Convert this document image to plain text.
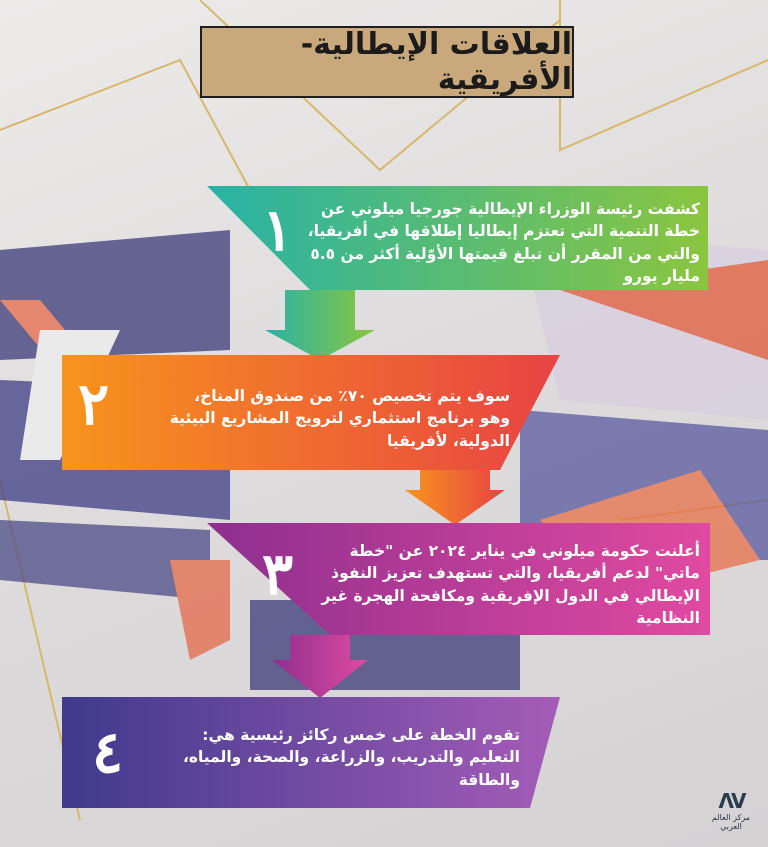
العلاقات الإيطالية-الأفريقية
١	كشفت رئيسة الوزراء الإيطالية جورجيا ميلوني عن خطة التنمية التي تعتزم إيطاليا إطلاقها في أفريقيا، والتي من المقرر أن تبلغ قيمتها الأوّلية أكثر من ٥.٥ مليار يورو
٢	سوف يتم تخصيص ٧٠٪ من صندوق المناخ، وهو برنامج استثماري لترويج المشاريع البيئية الدولية، لأفريقيا
٣	أعلنت حكومة ميلوني في يناير ٢٠٢٤ عن "خطة ماتي" لدعم أفريقيا، والتي تستهدف تعزيز النفوذ الإيطالي في الدول الإفريقية ومكافحة الهجرة غير النظامية
٤	تقوم الخطة على خمس ركائز رئيسية هي: التعليم والتدريب، والزراعة، والصحة، والمياه، والطاقة
ΛV
مركز العالم العربي
